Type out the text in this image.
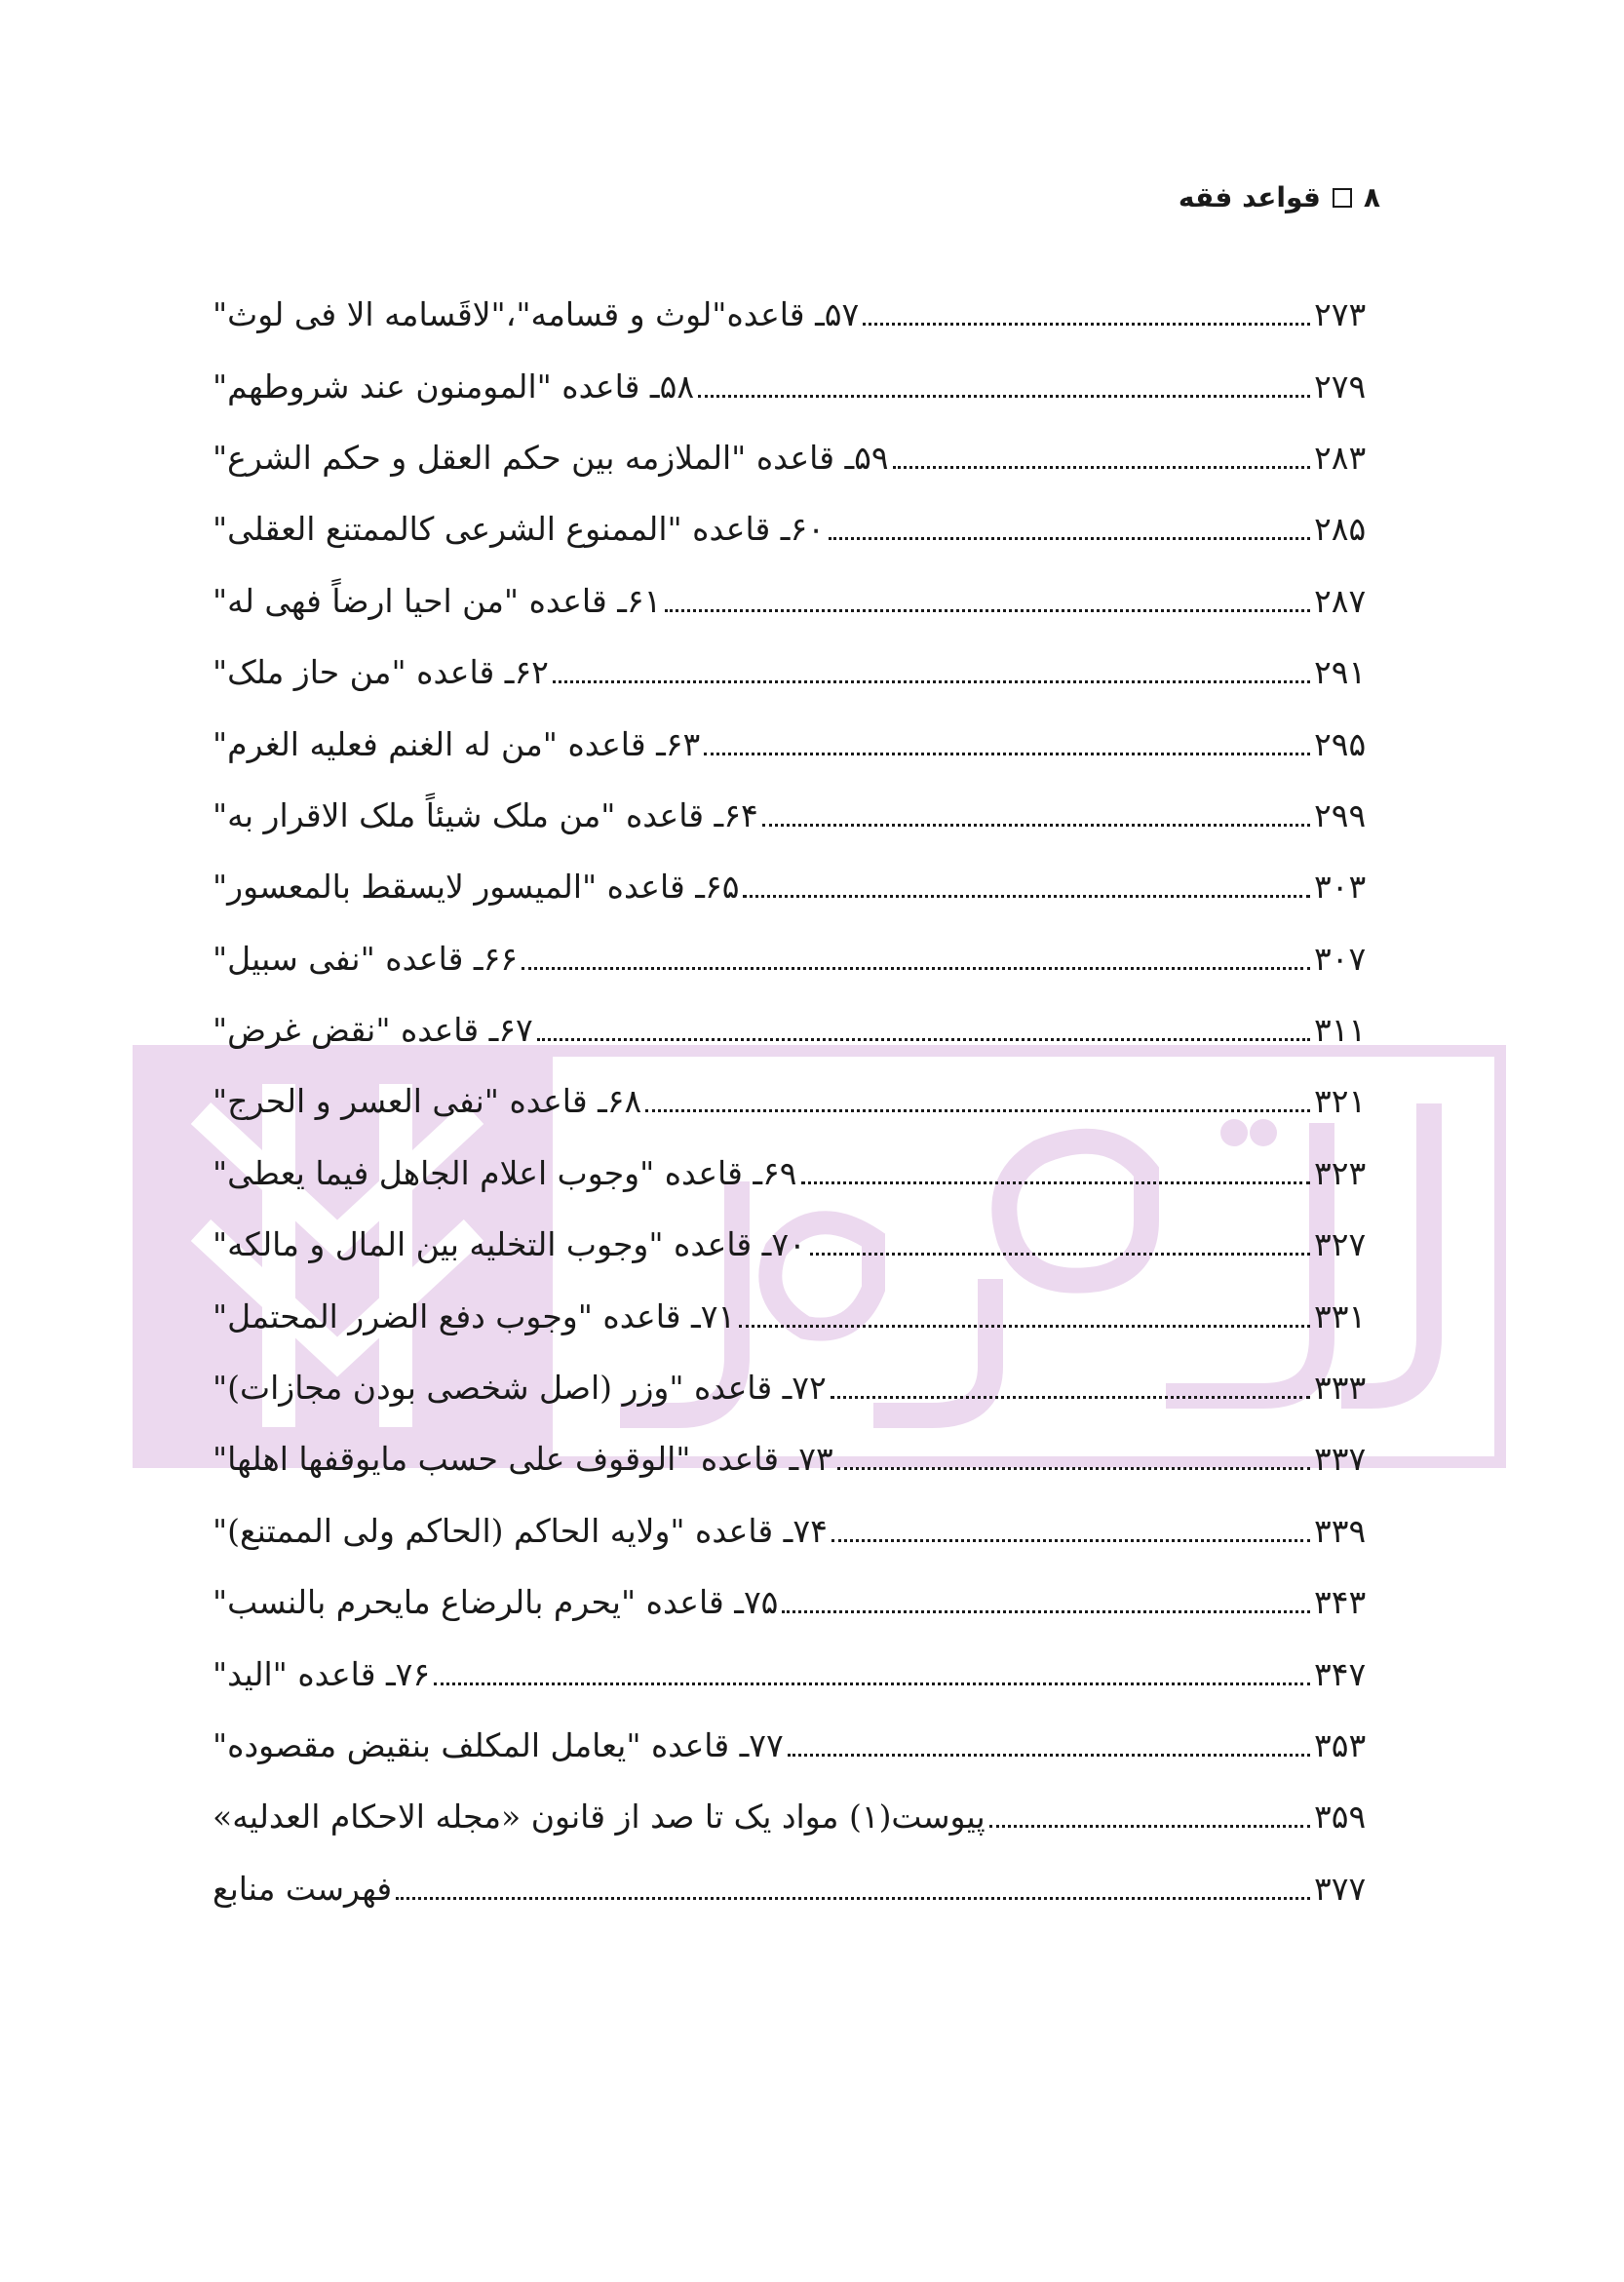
۸
قواعد فقه
۵۷ـ قاعده"لوث و قسامه"،"لاقَسامه الا فی لوث"	۲۷۳
۵۸ـ قاعده "المومنون عند شروطهم"	۲۷۹
۵۹ـ قاعده "الملازمه بین حکم العقل و حکم الشرع"	۲۸۳
۶۰ـ قاعده "الممنوع الشرعی کالممتنع العقلی"	۲۸۵
۶۱ـ قاعده "من احیا ارضاً فهی له"	۲۸۷
۶۲ـ قاعده "من حاز ملک"	۲۹۱
۶۳ـ قاعده "من له الغنم فعلیه الغرم"	۲۹۵
۶۴ـ قاعده "من ملک شیئاً ملک الاقرار به"	۲۹۹
۶۵ـ قاعده "المیسور لایسقط بالمعسور"	۳۰۳
۶۶ـ قاعده "نفی سبیل"	۳۰۷
۶۷ـ قاعده "نقض غرض"	۳۱۱
۶۸ـ قاعده "نفی العسر و الحرج"	۳۲۱
۶۹ـ قاعده "وجوب اعلام الجاهل فیما یعطی"	۳۲۳
۷۰ـ قاعده "وجوب التخلیه بین المال و مالکه"	۳۲۷
۷۱ـ قاعده "وجوب دفع الضرر المحتمل"	۳۳۱
۷۲ـ قاعده "وزر (اصل شخصی بودن مجازات)"	۳۳۳
۷۳ـ قاعده "الوقوف علی حسب مایوقفها اهلها"	۳۳۷
۷۴ـ قاعده "ولایه الحاکم (الحاکم ولی الممتنع)"	۳۳۹
۷۵ـ قاعده "یحرم بالرضاع مایحرم بالنسب"	۳۴۳
۷۶ـ قاعده "الید"	۳۴۷
۷۷ـ قاعده "یعامل المکلف بنقیض مقصوده"	۳۵۳
پیوست(۱) مواد یک تا صد از قانون «مجله الاحکام العدلیه»	۳۵۹
فهرست منابع	۳۷۷
